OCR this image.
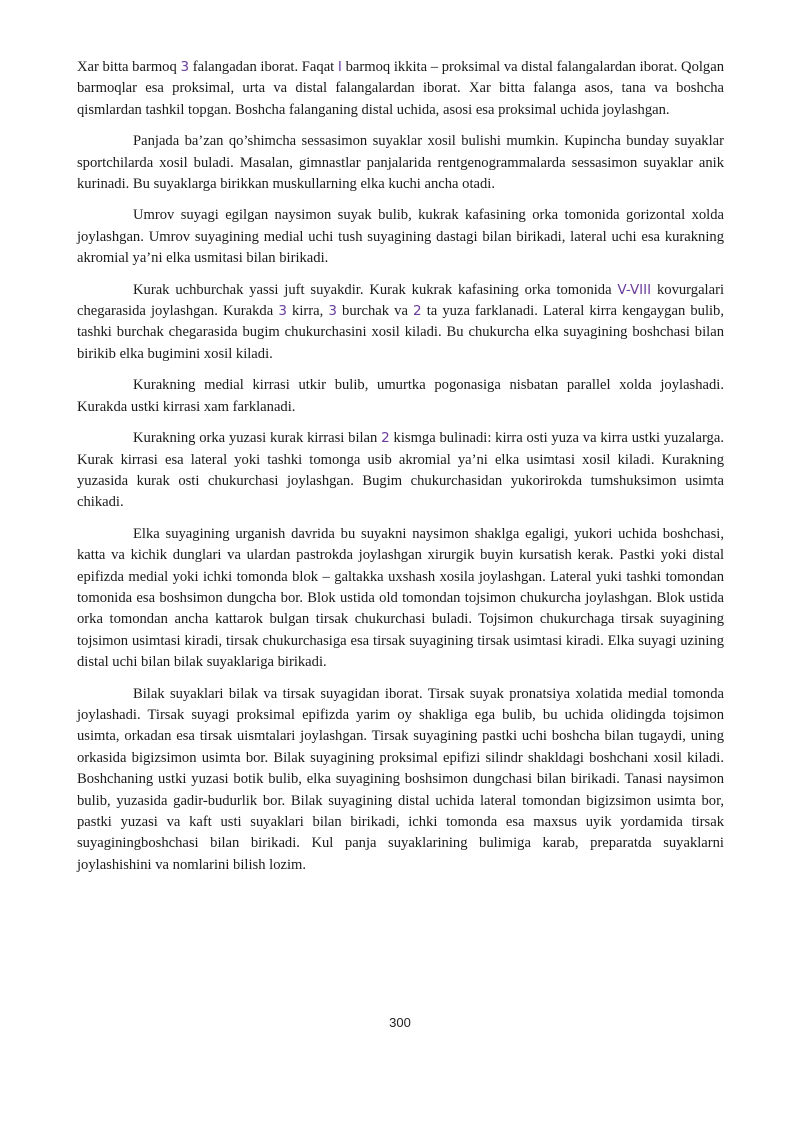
Xar bitta barmoq 3 falangadan iborat. Faqat I barmoq ikkita – proksimal va distal falangalardan iborat. Qolgan barmoqlar esa proksimal, urta va distal falangalardan iborat. Xar bitta falanga asos, tana va boshcha qismlardan tashkil topgan. Boshcha falanganing distal uchida, asosi esa proksimal uchida joylashgan.

Panjada ba’zan qo’shimcha sessasimon suyaklar xosil bulishi mumkin. Kupincha bunday suyaklar sportchilarda xosil buladi. Masalan, gimnastlar panjalarida rentgenogrammalarda sessasimon suyaklar anik kurinadi. Bu suyaklarga birikkan muskullarning elka kuchi ancha otadi.

Umrov suyagi egilgan naysimon suyak bulib, kukrak kafasining orka tomonida gorizontal xolda joylashgan. Umrov suyagining medial uchi tush suyagining dastagi bilan birikadi, lateral uchi esa kurakning akromial ya’ni elka usmitasi bilan birikadi.

Kurak uchburchak yassi juft suyakdir. Kurak kukrak kafasining orka tomonida V-VIII kovurgalari chegarasida joylashgan. Kurakda 3 kirra, 3 burchak va 2 ta yuza farklanadi. Lateral kirra kengaygan bulib, tashki burchak chegarasida bugim chukurchasini xosil kiladi. Bu chukurcha elka suyagining boshchasi bilan birikib elka bugimini xosil kiladi.

Kurakning medial kirrasi utkir bulib, umurtka pogonasiga nisbatan parallel xolda joylashadi. Kurakda ustki kirrasi xam farklanadi.

Kurakning orka yuzasi kurak kirrasi bilan 2 kismga bulinadi: kirra osti yuza va kirra ustki yuzalarga. Kurak kirrasi esa lateral yoki tashki tomonga usib akromial ya’ni elka usimtasi xosil kiladi. Kurakning yuzasida kurak osti chukurchasi joylashgan. Bugim chukurchasidan yukorirokda tumshuksimon usimta chikadi.

Elka suyagining urganish davrida bu suyakni naysimon shaklga egaligi, yukori uchida boshchasi, katta va kichik dunglari va ulardan pastrokda joylashgan xirurgik buyin kursatish kerak. Pastki yoki distal epifizda medial yoki ichki tomonda blok – galtakka uxshash xosila joylashgan. Lateral yuki tashki tomondan tomonida esa boshsimon dungcha bor. Blok ustida old tomondan tojsimon chukurcha joylashgan. Blok ustida orka tomondan ancha kattarok bulgan tirsak chukurchasi buladi. Tojsimon chukurchaga tirsak suyagining tojsimon usimtasi kiradi, tirsak chukurchasiga esa tirsak suyagining tirsak usimtasi kiradi. Elka suyagi uzining distal uchi bilan bilak suyaklariga birikadi.

Bilak suyaklari bilak va tirsak suyagidan iborat. Tirsak suyak pronatsiya xolatida medial tomonda joylashadi. Tirsak suyagi proksimal epifizda yarim oy shakliga ega bulib, bu uchida olidingda tojsimon usimta, orkadan esa tirsak uismtalari joylashgan. Tirsak suyagining pastki uchi boshcha bilan tugaydi, uning orkasida bigizsimon usimta bor. Bilak suyagining proksimal epifizi silindr shakldagi boshchani xosil kiladi. Boshchaning ustki yuzasi botik bulib, elka suyagining boshsimon dungchasi bilan birikadi. Tanasi naysimon bulib, yuzasida gadir-budurlik bor. Bilak suyagining distal uchida lateral tomondan bigizsimon usimta bor, pastki yuzasi va kaft usti suyaklari bilan birikadi, ichki tomonda esa maxsus uyik yordamida tirsak suyaginingboshchasi bilan birikadi. Kul panja suyaklarining bulimiga karab, preparatda suyaklarni joylashishini va nomlarini bilish lozim.

300
